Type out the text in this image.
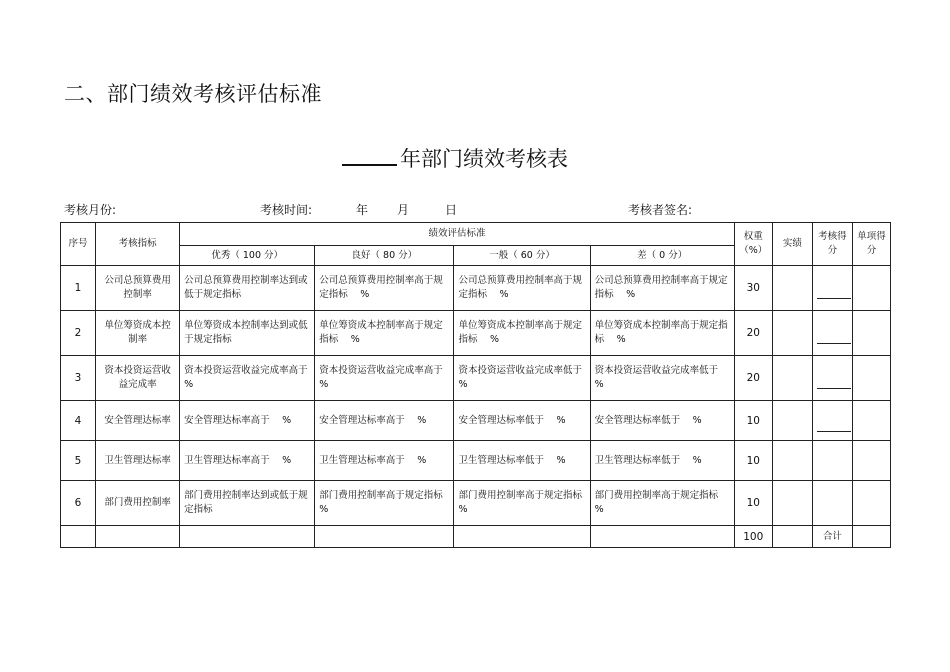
二、部门绩效考核评估标准
年部门绩效考核表
考核月份:	考核时间:	年 月	日	考核者签名:
序号	考核指标	绩效评估标准				权重（%）	实绩	考核得分	单项得分
		优秀（ 100 分）	良好（ 80 分）	一般（ 60 分）	差（ 0 分）				
1	公司总预算费用控制率	公司总预算费用控制率达到或低于规定指标	公司总预算费用控制率高于规定指标　 %	公司总预算费用控制率高于规定指标　 %	公司总预算费用控制率高于规定指标　 %	30			
2	单位筹资成本控制率	单位筹资成本控制率达到或低于规定指标	单位筹资成本控制率高于规定指标　 %	单位筹资成本控制率高于规定指标　 %	单位筹资成本控制率高于规定指标　 %	20			
3	资本投资运营收益完成率	资本投资运营收益完成率高于 %	资本投资运营收益完成率高于 %	资本投资运营收益完成率低于 %	资本投资运营收益完成率低于 %	20			
4	安全管理达标率	安全管理达标率高于　 %	安全管理达标率高于　 %	安全管理达标率低于　 %	安全管理达标率低于　 %	10			
5	卫生管理达标率	卫生管理达标率高于　 %	卫生管理达标率高于　 %	卫生管理达标率低于　 %	卫生管理达标率低于　 %	10			
6	部门费用控制率	部门费用控制率达到或低于规定指标	部门费用控制率高于规定指标 %	部门费用控制率高于规定指标 %	部门费用控制率高于规定指标 %	10			
						100		合计	
